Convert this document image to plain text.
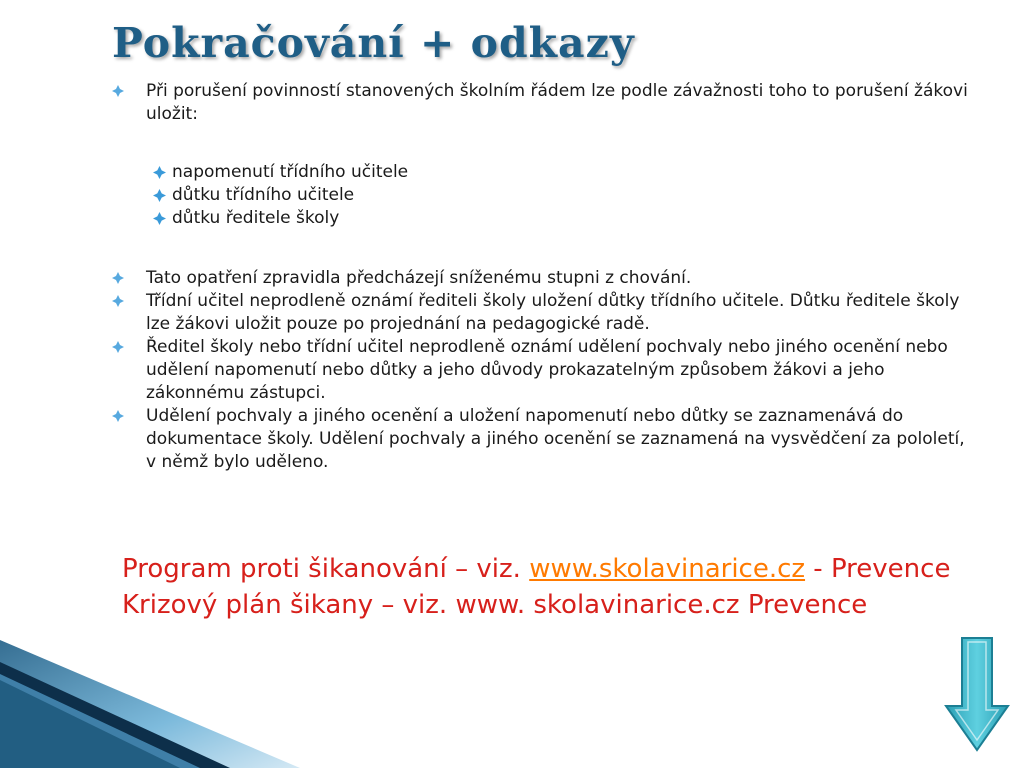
Pokračování + odkazy

Při porušení povinností stanovených školním řádem lze podle závažnosti toho to porušení žákovi uložit:

napomenutí třídního učitele

důtku třídního učitele

důtku ředitele školy

Tato opatření zpravidla předcházejí sníženému stupni z chování.

Třídní učitel neprodleně oznámí řediteli školy uložení důtky třídního učitele. Důtku ředitele školy lze žákovi uložit pouze po projednání na pedagogické radě.

Ředitel školy nebo třídní učitel neprodleně oznámí udělení pochvaly nebo jiného ocenění nebo udělení napomenutí nebo důtky a jeho důvody prokazatelným způsobem žákovi a jeho zákonnému zástupci.

Udělení pochvaly a jiného ocenění a uložení napomenutí nebo důtky se zaznamenává do dokumentace školy. Udělení pochvaly a jiného ocenění se zaznamená na vysvědčení za pololetí, v němž bylo uděleno.

Program proti šikanování – viz. www.skolavinarice.cz - Prevence

Krizový plán šikany – viz. www. skolavinarice.cz Prevence
